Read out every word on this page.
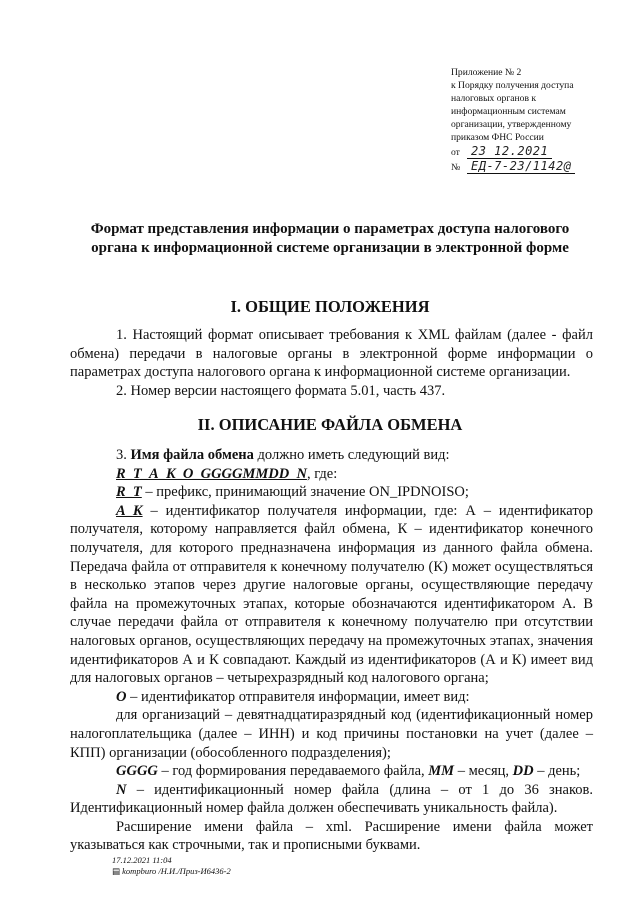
Приложение № 2
к Порядку получения доступа
налоговых органов к
информационным системам
организации, утвержденному
приказом ФНС России
от 23 12.2021
№ ЕД-7-23/1142@
Формат представления информации о параметрах доступа налогового органа к информационной системе организации в электронной форме
I. ОБЩИЕ ПОЛОЖЕНИЯ

1. Настоящий формат описывает требования к XML файлам (далее - файл обмена) передачи в налоговые органы в электронной форме информации о параметрах доступа налогового органа к информационной системе организации.

2. Номер версии настоящего формата 5.01, часть 437.

II. ОПИСАНИЕ ФАЙЛА ОБМЕНА

3. Имя файла обмена должно иметь следующий вид:

R_T_A_K_O_GGGGMMDD_N, где:

R_T – префикс, принимающий значение ON_IPDNOISO;

A_K – идентификатор получателя информации, где: А – идентификатор получателя, которому направляется файл обмена, К – идентификатор конечного получателя, для которого предназначена информация из данного файла обмена. Передача файла от отправителя к конечному получателю (К) может осуществляться в несколько этапов через другие налоговые органы, осуществляющие передачу файла на промежуточных этапах, которые обозначаются идентификатором А. В случае передачи файла от отправителя к конечному получателю при отсутствии налоговых органов, осуществляющих передачу на промежуточных этапах, значения идентификаторов А и К совпадают. Каждый из идентификаторов (А и К) имеет вид для налоговых органов – четырехразрядный код налогового органа;

O – идентификатор отправителя информации, имеет вид:

для организаций – девятнадцатиразрядный код (идентификационный номер налогоплательщика (далее – ИНН) и код причины постановки на учет (далее – КПП) организации (обособленного подразделения);

GGGG – год формирования передаваемого файла, MM – месяц, DD – день;

N – идентификационный номер файла (длина – от 1 до 36 знаков. Идентификационный номер файла должен обеспечивать уникальность файла).

Расширение имени файла – xml. Расширение имени файла может указываться как строчными, так и прописными буквами.

17.12.2021 11:04
▤ kompburo /Н.И./Приз-И6436-2
